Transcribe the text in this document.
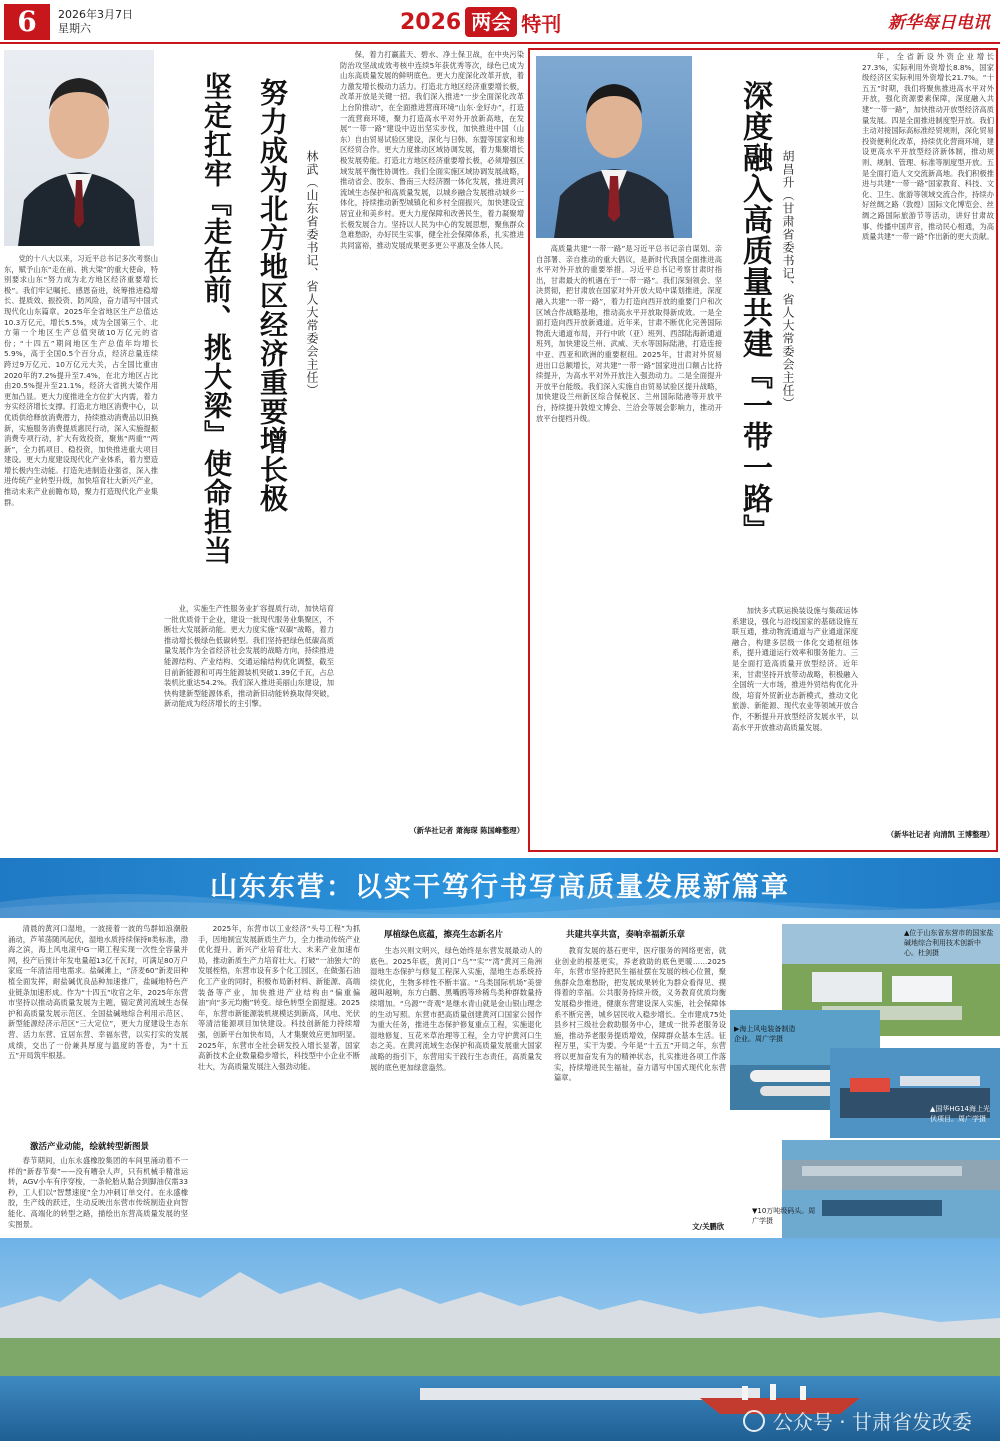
6	2026年3月7日
星期六	2026 两会 特刊	新华每日电讯
努力成为北方地区经济重要增长极
坚定扛牢『走在前、挑大梁』使命担当	林武（山东省委书记、省人大常委会主任）

党的十八大以来，习近平总书记多次考察山东，赋予山东“走在前、挑大梁”的重大使命，特别要求山东“努力成为北方地区经济重要增长极”。我们牢记嘱托、感恩奋进，统筹推进稳增长、提质效、振投资、防风险，奋力谱写中国式现代化山东篇章。2025年全省地区生产总值达10.3万亿元，增长5.5%，成为全国第三个、北方第一个地区生产总值突破10万亿元的省份；“十四五”期间地区生产总值年均增长5.9%，高于全国0.5个百分点，经济总量连续跨过9万亿元、10万亿元大关，占全国比重由2020年的7.2%提升至7.4%，在北方地区占比由20.5%提升至21.1%，经济大省挑大梁作用更加凸显。更大力度推进全方位扩大内需，着力夯实经济增长支撑。打造北方地区消费中心，以优质供给释放消费潜力，持续推动消费品以旧换新，实施服务消费提质惠民行动，深入实施提振消费专项行动，扩大有效投资，聚焦“两重”“两新”，全力抓项目、稳投资，加快推进重大项目建设。更大力度建设现代化产业体系，着力塑造增长极内生动能。打造先进制造业强省，深入推进传统产业转型升级，加快培育壮大新兴产业，推动未来产业前瞻布局，聚力打造现代化产业集群。

保，着力打赢蓝天、碧水、净土保卫战，在中央污染防治攻坚战成效考核中连续5年获优秀等次，绿色已成为山东高质量发展的鲜明底色。更大力度深化改革开放，着力激发增长极动力活力。打造北方地区经济重要增长极，改革开放是关键一招。我们深入推进“一步全面深化改革上台阶推动”，在全面推进营商环境“山东·金好办”，打造一流营商环境，聚力打造高水平对外开放新高地，在发展“一带一路”建设中迈出坚实步伐，加快推进中国（山东）自由贸易试验区建设，深化与日韩、东盟等国家和地区经贸合作。更大力度推动区域协调发展，着力集聚增长极发展势能。打造北方地区经济重要增长极，必须增强区域发展平衡性协调性。我们全面实施区域协调发展战略，推动省会、胶东、鲁南三大经济圈一体化发展，推进黄河流域生态保护和高质量发展，以城乡融合发展推动城乡一体化，持续推动新型城镇化和乡村全面振兴，加快建设宜居宜业和美乡村。更大力度保障和改善民生，着力凝聚增长极发展合力。坚持以人民为中心的发展思想，聚焦群众急难愁盼，办好民生实事，健全社会保障体系，扎实推进共同富裕，推动发展成果更多更公平惠及全体人民。

业，实施生产性服务业扩容提质行动，加快培育一批优质骨干企业，建设一批现代服务业集聚区，不断壮大发展新动能。更大力度实施“双碳”战略，着力推动增长极绿色低碳转型。我们坚持把绿色低碳高质量发展作为全省经济社会发展的战略方向，持续推进能源结构、产业结构、交通运输结构优化调整，截至目前新能源和可再生能源装机突破1.39亿千瓦，占总装机比重达54.2%。我们深入推进美丽山东建设，加快构建新型能源体系，推动新旧动能转换取得突破，新动能成为经济增长的主引擎。

（新华社记者 萧海琛 陈国峰整理）
深度融入高质量共建『一带一路』 胡昌升（甘肃省委书记、省人大常委会主任）

高质量共建“一带一路”是习近平总书记亲自谋划、亲自部署、亲自推动的重大倡议，是新时代我国全面推进高水平对外开放的重要举措。习近平总书记考察甘肃时指出，甘肃最大的机遇在于“一带一路”。我们深刻领会、坚决贯彻，把甘肃放在国家对外开放大局中谋划推进，深度融入共建“一带一路”，着力打造向西开放的重要门户和次区域合作战略基地，推动高水平开放取得新成效。一是全面打造向西开放新通道。近年来，甘肃不断优化完善国际物流大通道布局，开行中欧（亚）班列、西部陆海新通道班列，加快建设兰州、武威、天水等国际陆港，打造连接中亚、西亚和欧洲的重要枢纽。2025年，甘肃对外贸易进出口总额增长，对共建“一带一路”国家进出口额占比持续提升，为高水平对外开放注入强劲动力。二是全面提升开放平台能级。我们深入实施自由贸易试验区提升战略，加快建设兰州新区综合保税区、兰州国际陆港等开放平台，持续提升敦煌文博会、兰洽会等展会影响力，推动开放平台提档升级。

加快多式联运换装设施与集疏运体系建设，强化与沿线国家的基础设施互联互通，推动物流通道与产业通道深度融合，构建多层级一体化交通枢纽体系，提升通道运行效率和服务能力。三是全面打造高质量开放型经济。近年来，甘肃坚持开放带动战略，积极融入全国统一大市场，推进外贸结构优化升级，培育外贸新业态新模式，推动文化旅游、新能源、现代农业等领域开放合作，不断提升开放型经济发展水平，以高水平开放推动高质量发展。

年，全省新设外资企业增长27.3%，实际利用外资增长8.8%，国家级经济区实际利用外资增长21.7%。“十五五”时期，我们将聚焦推进高水平对外开放，强化资源要素保障，深度融入共建“一带一路”，加快推动开放型经济高质量发展。四是全面推进制度型开放。我们主动对接国际高标准经贸规则，深化贸易投资便利化改革，持续优化营商环境，建设更高水平开放型经济新体制，推动规则、规制、管理、标准等制度型开放。五是全面打造人文交流新高地。我们积极推进与共建“一带一路”国家教育、科技、文化、卫生、旅游等领域交流合作，持续办好丝绸之路（敦煌）国际文化博览会、丝绸之路国际旅游节等活动，讲好甘肃故事、传播中国声音，推动民心相通，为高质量共建“一带一路”作出新的更大贡献。

（新华社记者 向清凯 王博整理）
山东东营：以实干笃行书写高质量发展新篇章

清晨的黄河口湿地，一波接着一波的鸟群如浪潮般涌动，芦苇荡随风起伏，湿地水质持续保持Ⅱ类标准，渤海之滨，海上风电滚中G一期工程实现一次性全容量并网，投产后预计年发电量超13亿千瓦时，可满足80万户家庭一年清洁用电需求。盐碱滩上，“济麦60”新麦田种植全面发挥，耐盐碱优良品种加速推广，盐碱地特色产业链条加速形成。作为“十四五”收官之年，2025年东营市坚持以推动高质量发展为主题，锚定黄河流域生态保护和高质量发展示范区、全国盐碱地综合利用示范区、新型能源经济示范区“三大定位”，更大力度建设生态东营、活力东营、宜居东营、幸福东营，以实打实的发展成绩，交出了一份兼具厚度与温度的答卷，为“十五五”开局筑牢根基。

激活产业动能，绘就转型新图景

春节期间，山东永盛橡胶集团的车间里涌动着不一样的“新春节奏”——没有嘈杂人声，只有机械手精准运转，AGV小车有序穿梭，一条轮胎从黏合到脚油仅需33秒，工人们以“智慧速度”全力冲刺订单交付。在永盛橡胶，生产线的跃迁，生动反映出东营市传统制造业向智能化、高端化的转型之路，描绘出东营高质量发展的坚实图景。

2025年，东营市以工业经济“头号工程”为抓手，因地制宜发展新质生产力，全力推动传统产业优化提升、新兴产业培育壮大、未来产业加速布局，推动新质生产力培育壮大。打破“一油独大”的发展桎梏，东营市设有多个化工园区，在做强石油化工产业的同时，积极布局新材料、新能源、高端装备等产业，加快推进产业结构由“偏重偏油”向“多元均衡”转变。绿色转型全面提速。2025年，东营市新能源装机规模达到新高，风电、光伏等清洁能源项目加快建设。科技创新能力持续增强，创新平台加快布局，人才集聚效应更加明显。2025年，东营市全社会研发投入增长显著，国家高新技术企业数量稳步增长，科技型中小企业不断壮大，为高质量发展注入强劲动能。

厚植绿色底蕴，擦亮生态新名片

生态兴则文明兴，绿色始终是东营发展最动人的底色。2025年底，黄河口“乌”“实”“湾”黄河三角洲湿地生态保护与修复工程深入实施，湿地生态系统持续优化，生物多样性不断丰富。“乌类国际机场”美誉越叫越响，东方白鹳、黑嘴鸥等珍稀鸟类种群数量持续增加。“乌源”“奇观”是继水青山就是金山银山理念的生动写照。东营市把高质量创建黄河口国家公园作为重大任务，推进生态保护修复重点工程，实施退化湿地修复、互花米草治理等工程，全力守护黄河口生态之美。在黄河流域生态保护和高质量发展重大国家战略的指引下，东营用实干践行生态责任，高质量发展的底色更加绿意盎然。

共建共享共富，奏响幸福新乐章

教育发展的基石更牢，医疗服务的网络更密，就业创业的根基更实，养老救助的底色更暖……2025年，东营市坚持把民生福祉摆在发展的核心位置，聚焦群众急难愁盼，把发展成果转化为群众看得见、摸得着的幸福。公共服务持续升级，义务教育优质均衡发展稳步推进，健康东营建设深入实施，社会保障体系不断完善，城乡居民收入稳步增长。全市建成75处县乡村三级社会救助服务中心，建成一批养老服务设施，推动养老服务提质增效，保障群众基本生活。征程万里，实干为要。今年是“十五五”开局之年，东营将以更加奋发有为的精神状态，扎实推进各项工作落实，持续增进民生福祉，奋力谱写中国式现代化东营篇章。

文/关鹏欣
▲位于山东省东营市的国家盐碱地综合利用技术创新中心。杜剑摄
▶海上风电装备制造企业。周广学摄
▲国华HG14海上光伏项目。周广学摄
▼10万吨级码头。周广学摄
公众号 · 甘肃省发改委
